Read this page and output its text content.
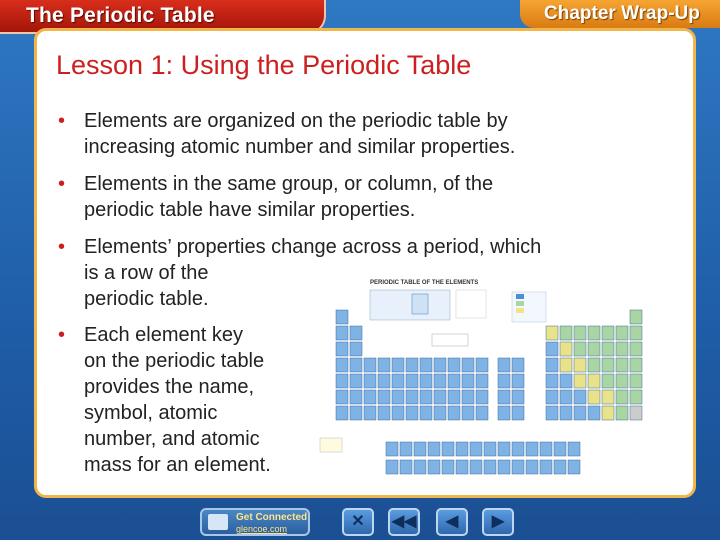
The Periodic Table	Chapter Wrap-Up
Lesson 1: Using the Periodic Table
• Elements are organized on the periodic table by
increasing atomic number and similar properties.
• Elements in the same group, or column, of the
periodic table have similar properties.
• Elements’ properties change across a period, which
is a row of the
periodic table.
• Each element key
on the periodic table
provides the name,
symbol, atomic
number, and atomic
mass for an element.
PERIODIC TABLE OF THE ELEMENTS
Get Connected
glencoe.com	✕	◀◀	◀	▶
